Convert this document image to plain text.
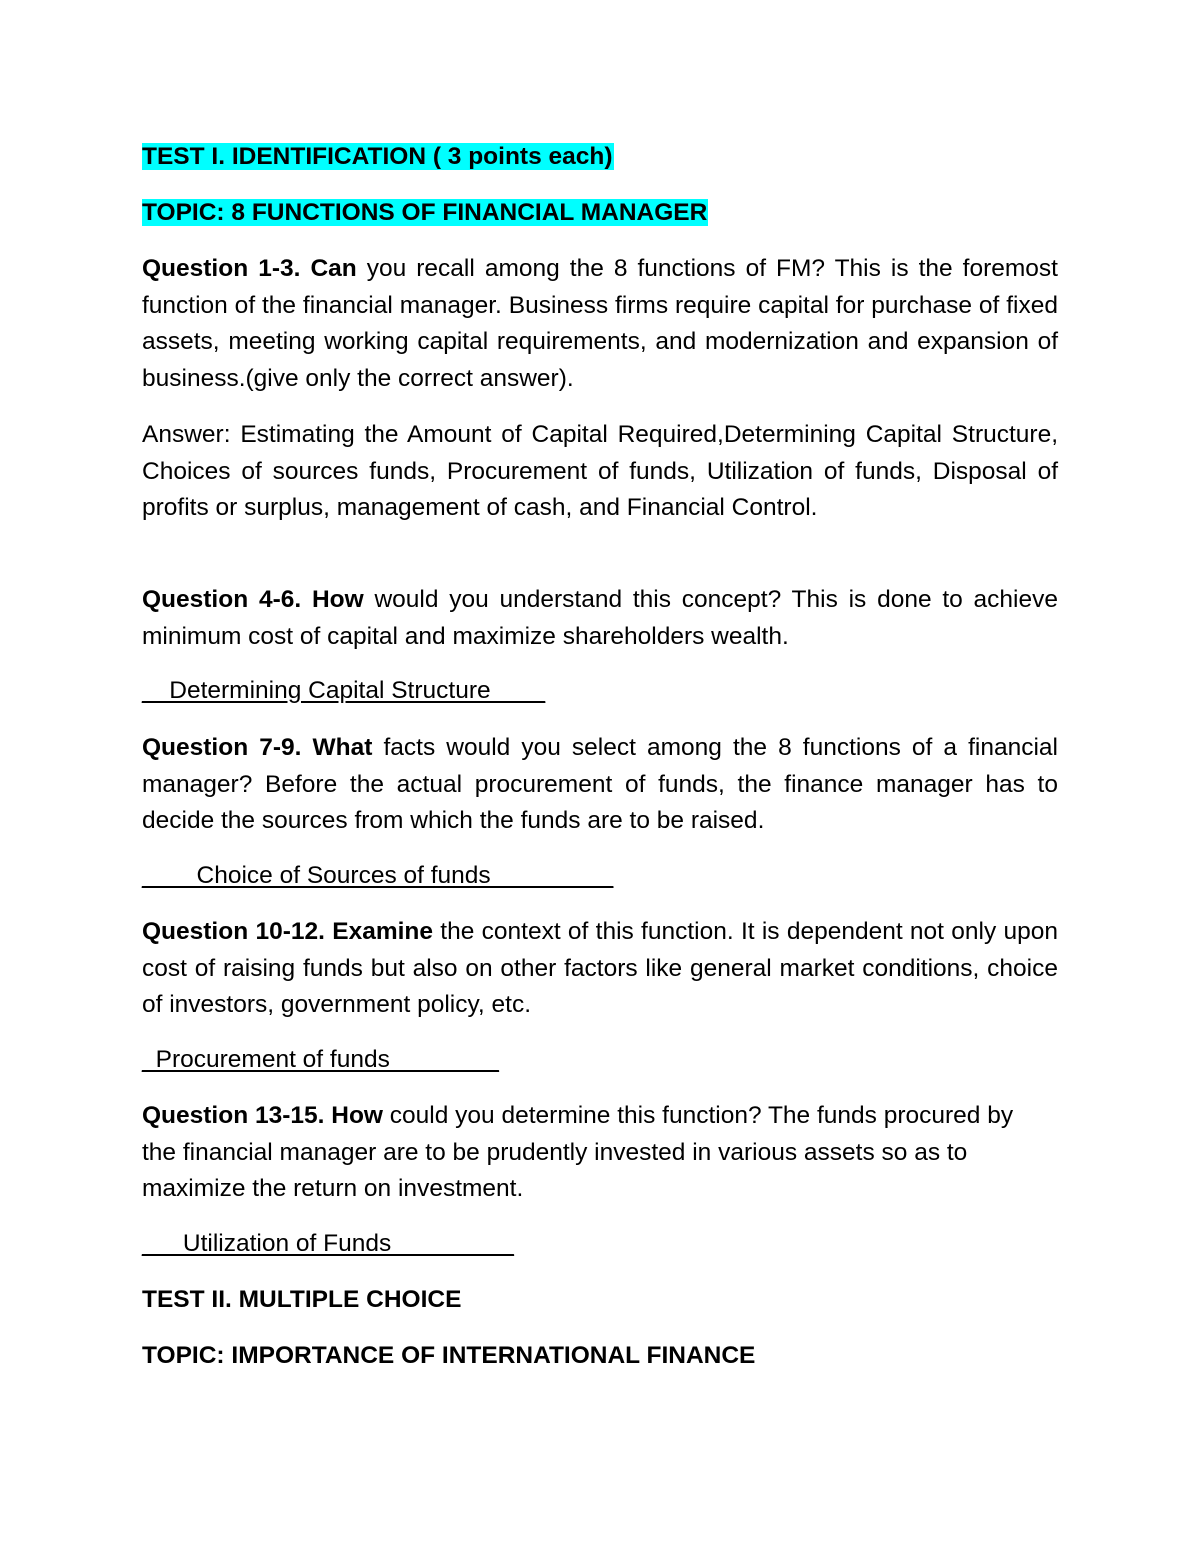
TEST I. IDENTIFICATION ( 3 points each)
TOPIC: 8 FUNCTIONS OF FINANCIAL MANAGER
Question 1-3. Can you recall among the 8 functions of FM? This is the foremost function of the financial manager. Business firms require capital for purchase of fixed assets, meeting working capital requirements, and modernization and expansion of business.(give only the correct answer).
Answer: Estimating the Amount of Capital Required,Determining Capital Structure, Choices of sources funds, Procurement of funds, Utilization of funds, Disposal of profits or surplus, management of cash, and Financial Control.
Question 4-6. How would you understand this concept? This is done to achieve minimum cost of capital and maximize shareholders wealth.
__Determining Capital Structure____
Question 7-9. What facts would you select among the 8 functions of a financial manager? Before the actual procurement of funds, the finance manager has to decide the sources from which the funds are to be raised.
____Choice of Sources of funds_________
Question 10-12. Examine the context of this function. It is dependent not only upon cost of raising funds but also on other factors like general market conditions, choice of investors, government policy, etc.
_Procurement of funds________
Question 13-15. How could you determine this function? The funds procured by the financial manager are to be prudently invested in various assets so as to maximize the return on investment.
___Utilization of Funds_________
TEST II. MULTIPLE CHOICE
TOPIC: IMPORTANCE OF INTERNATIONAL FINANCE
